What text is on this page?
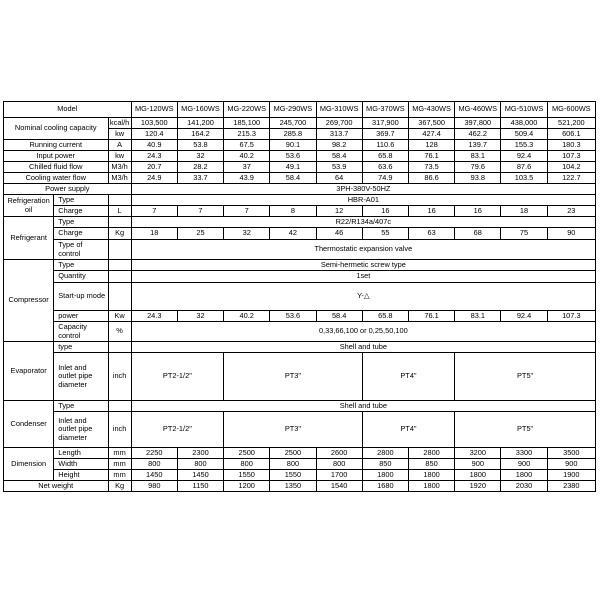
Model			MG-120WS	MG-160WS	MG-220WS	MG-290WS	MG-310WS	MG-370WS	MG-430WS	MG-460WS	MG-510WS	MG-600WS
Nominal cooling capacity		kcal/h	103,500	141,200	185,100	245,700	269,700	317,900	367,500	397,800	438,000	521,200
		kw	120.4	164.2	215.3	285.8	313.7	369.7	427.4	462.2	509.4	606.1
Running current		A	40.9	53.8	67.5	90.1	98.2	110.6	128	139.7	155.3	180.3
Input power		kw	24.3	32	40.2	53.6	58.4	65.8	76.1	83.1	92.4	107.3
Chilled fluid flow		M3/h	20.7	28.2	37	49.1	53.9	63.6	73.5	79.6	87.6	104.2
Cooling water flow		M3/h	24.9	33.7	43.9	58.4	64	74.9	86.6	93.8	103.5	122.7
Power supply			3PH-380V-50HZ									
Refrigeration oil	Type		HBR-A01									
	Charge	L	7	7	7	8	12	16	16	16	18	23
Refrigerant	Type		R22/R134a/407c									
	Charge	Kg	18	25	32	42	46	55	63	68	75	90
	Type of control		Thermostatic expansion valve									
Compressor	Type		Semi-hermetic screw type									
	Quantity		1set									
	Start-up mode		Y-△									
	power	Kw	24.3	32	40.2	53.6	58.4	65.8	76.1	83.1	92.4	107.3
	Capacity control	%	0,33,66,100 or 0,25,50,100									
Evaporator	type		Shell and tube									
	Inlet and outlet pipe diameter	inch	PT2-1/2"		PT3"			PT4"		PT5"		
Condenser	Type		Shell and tube									
	Inlet and outlet pipe diameter	inch	PT2-1/2"		PT3"			PT4"		PT5"		
Dimension	Length	mm	2250	2300	2500	2500	2600	2800	2800	3200	3300	3500
	Width	mm	800	800	800	800	800	850	850	900	900	900
	Height	mm	1450	1450	1550	1550	1700	1800	1800	1800	1800	1900
Net weight		Kg	980	1150	1200	1350	1540	1680	1800	1920	2030	2380
